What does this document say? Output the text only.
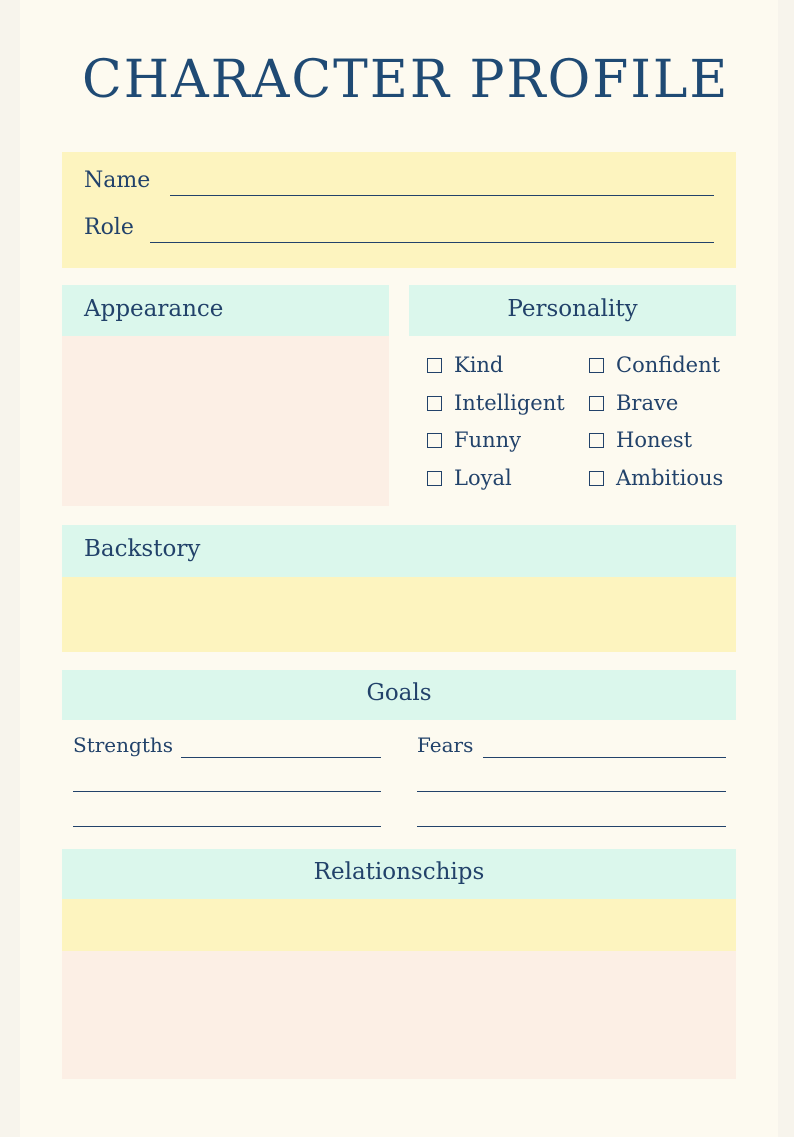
CHARACTER PROFILE
Name
Role
Appearance	Personality
Kind	Confident
Intelligent Brave
Funny	Honest
Loyal	Ambitious
Backstory
Goals
Strengths	Fears
Relationschips
